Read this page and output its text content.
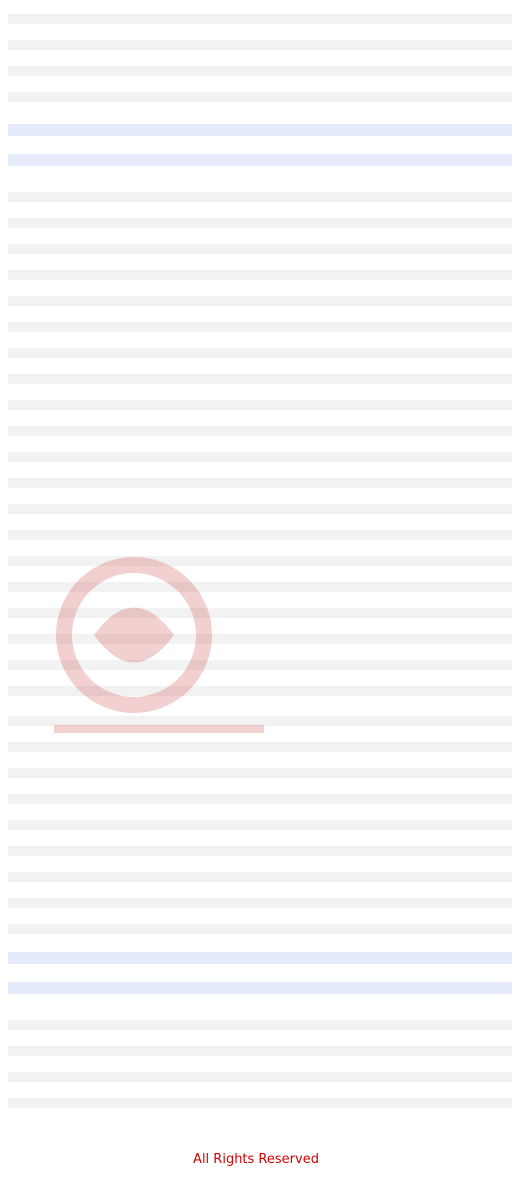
All Rights Reserved
